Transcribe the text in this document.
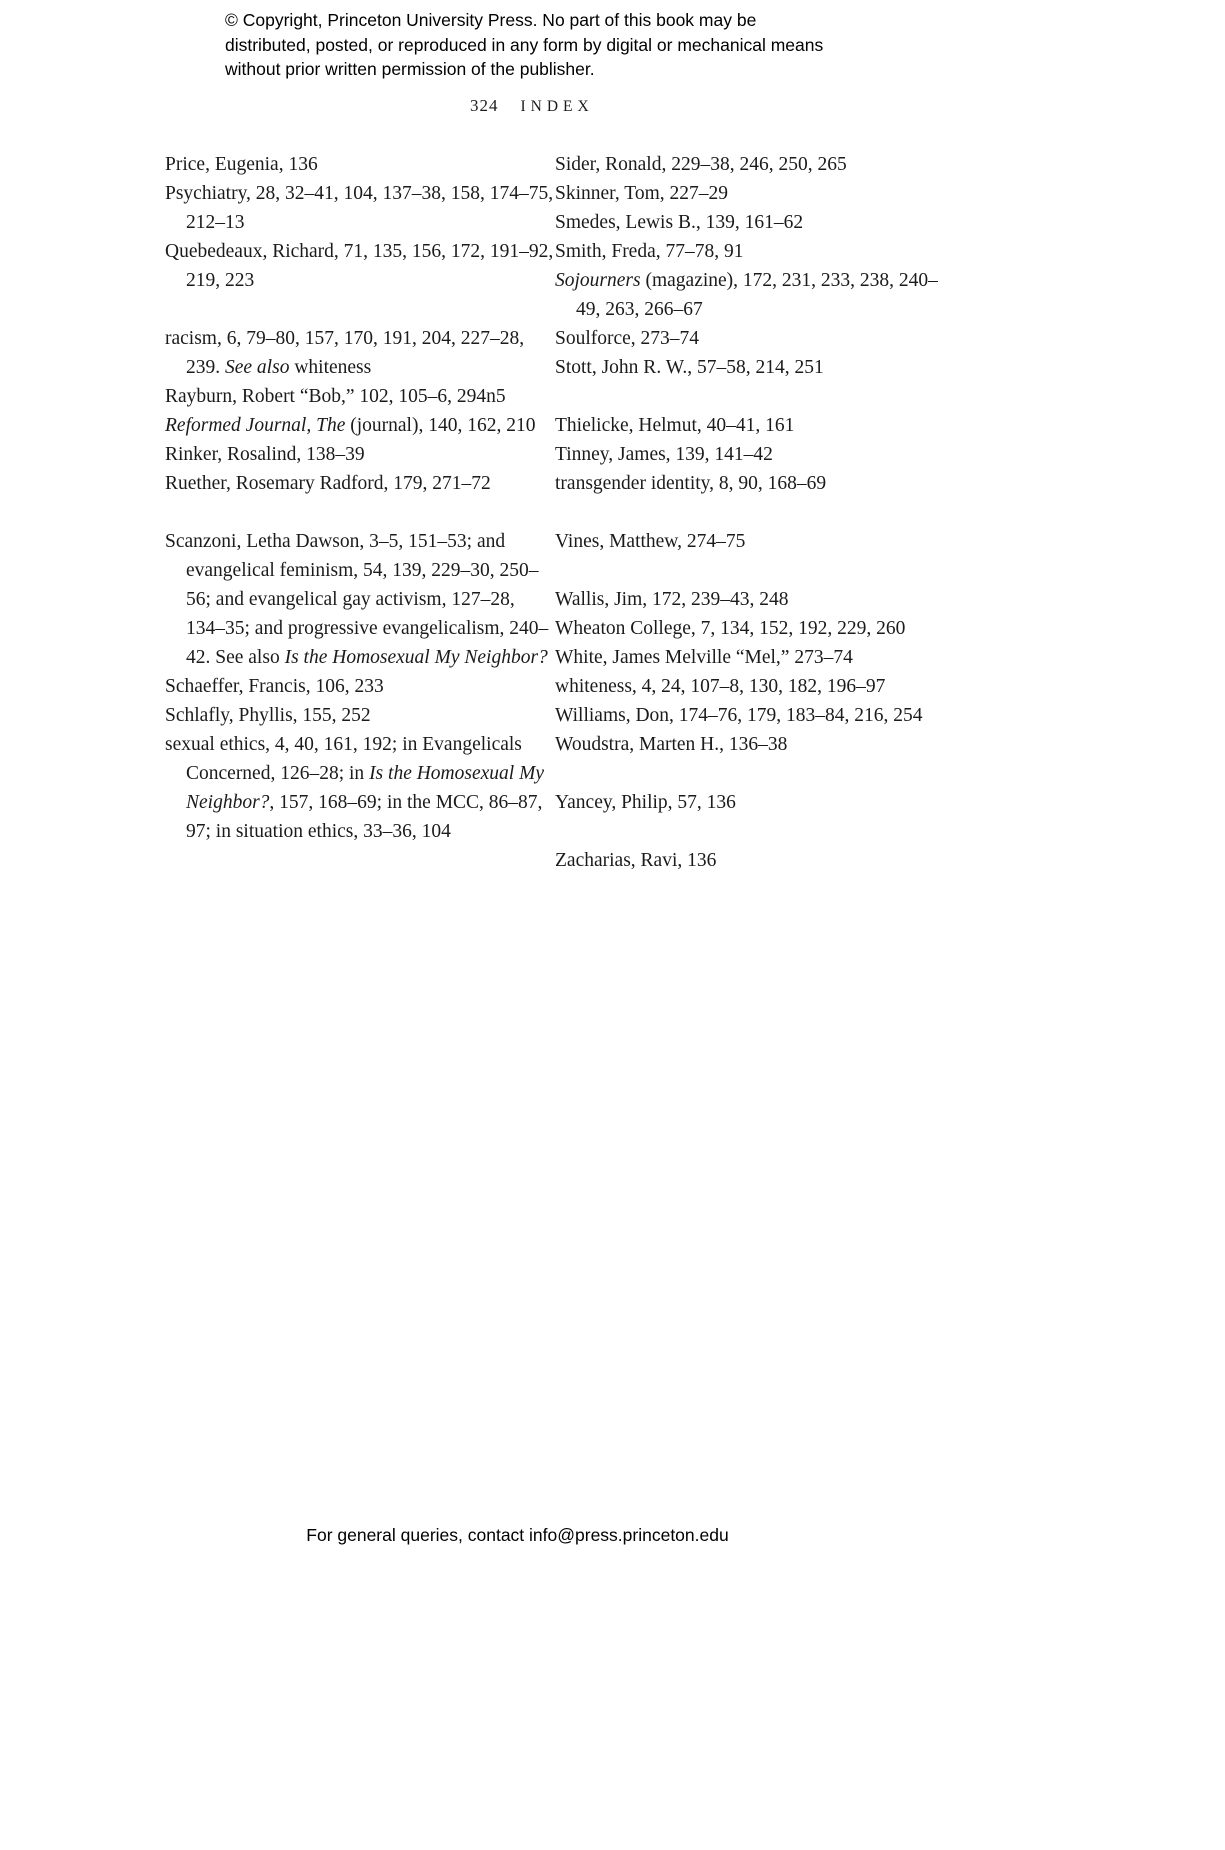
© Copyright, Princeton University Press. No part of this book may be distributed, posted, or reproduced in any form by digital or mechanical means without prior written permission of the publisher.
324 INDEX
Price, Eugenia, 136
Psychiatry, 28, 32–41, 104, 137–38, 158, 174–75, 212–13
Quebedeaux, Richard, 71, 135, 156, 172, 191–92, 219, 223
racism, 6, 79–80, 157, 170, 191, 204, 227–28, 239. See also whiteness
Rayburn, Robert “Bob,” 102, 105–6, 294n5
Reformed Journal, The (journal), 140, 162, 210
Rinker, Rosalind, 138–39
Ruether, Rosemary Radford, 179, 271–72
Scanzoni, Letha Dawson, 3–5, 151–53; and evangelical feminism, 54, 139, 229–30, 250–56; and evangelical gay activism, 127–28, 134–35; and progressive evangelicalism, 240–42. See also Is the Homosexual My Neighbor?
Schaeffer, Francis, 106, 233
Schlafly, Phyllis, 155, 252
sexual ethics, 4, 40, 161, 192; in Evangelicals Concerned, 126–28; in Is the Homosexual My Neighbor?, 157, 168–69; in the MCC, 86–87, 97; in situation ethics, 33–36, 104
Sider, Ronald, 229–38, 246, 250, 265
Skinner, Tom, 227–29
Smedes, Lewis B., 139, 161–62
Smith, Freda, 77–78, 91
Sojourners (magazine), 172, 231, 233, 238, 240–49, 263, 266–67
Soulforce, 273–74
Stott, John R. W., 57–58, 214, 251
Thielicke, Helmut, 40–41, 161
Tinney, James, 139, 141–42
transgender identity, 8, 90, 168–69
Vines, Matthew, 274–75
Wallis, Jim, 172, 239–43, 248
Wheaton College, 7, 134, 152, 192, 229, 260
White, James Melville “Mel,” 273–74
whiteness, 4, 24, 107–8, 130, 182, 196–97
Williams, Don, 174–76, 179, 183–84, 216, 254
Woudstra, Marten H., 136–38
Yancey, Philip, 57, 136
Zacharias, Ravi, 136
For general queries, contact info@press.princeton.edu
